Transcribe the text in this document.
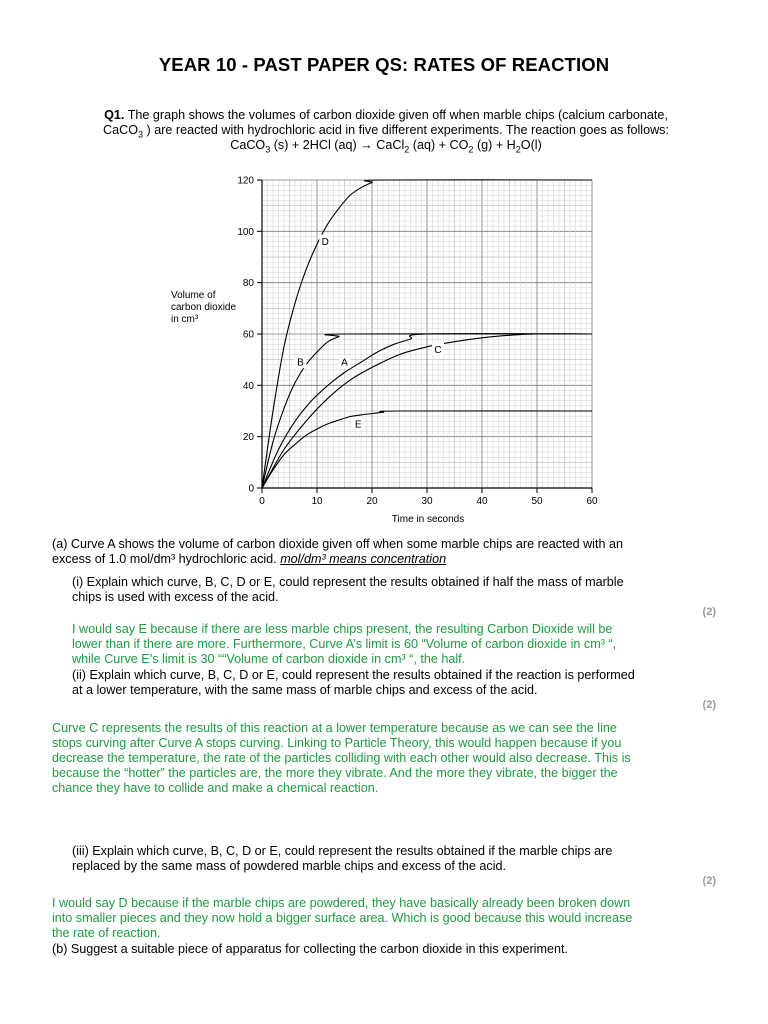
YEAR 10 - PAST PAPER QS: RATES OF REACTION
Q1. The graph shows the volumes of carbon dioxide given off when marble chips (calcium carbonate,
CaCO$_3$ ) are reacted with hydrochloric acid in five different experiments. The reaction goes as follows:
CaCO$_3$ (s) + 2HCl (aq) → CaCl$_2$ $(aq) + CO_2$ $(g) + H_2O(l)$
0
20
40
60
80
100
120
0	10	20	30	40	50	60
D
B	A
C
E
Volume of
carbon dioxide
in cm³
Time in seconds
(a) Curve A shows the volume of carbon dioxide given off when some marble chips are reacted with an
excess of 1.0 mol/dm³ hydrochloric acid. mol/dm³ means concentration
(i) Explain which curve, B, C, D or E, could represent the results obtained if half the mass of marble
chips is used with excess of the acid.
(2)
I would say E because if there are less marble chips present, the resulting Carbon Dioxide will be
lower than if there are more. Furthermore, Curve A’s limit is 60 “Volume of carbon dioxide in cm³ “,
while Curve E’s limit is 30 ““Volume of carbon dioxide in cm³ “, the half.
(ii) Explain which curve, B, C, D or E, could represent the results obtained if the reaction is performed
at a lower temperature, with the same mass of marble chips and excess of the acid.
(2)
Curve C represents the results of this reaction at a lower temperature because as we can see the line
stops curving after Curve A stops curving. Linking to Particle Theory, this would happen because if you
decrease the temperature, the rate of the particles colliding with each other would also decrease. This is
because the “hotter” the particles are, the more they vibrate. And the more they vibrate, the bigger the
chance they have to collide and make a chemical reaction.
(iii) Explain which curve, B, C, D or E, could represent the results obtained if the marble chips are
replaced by the same mass of powdered marble chips and excess of the acid.
(2)
I would say D because if the marble chips are powdered, they have basically already been broken down
into smaller pieces and they now hold a bigger surface area. Which is good because this would increase
the rate of reaction.
(b) Suggest a suitable piece of apparatus for collecting the carbon dioxide in this experiment.
